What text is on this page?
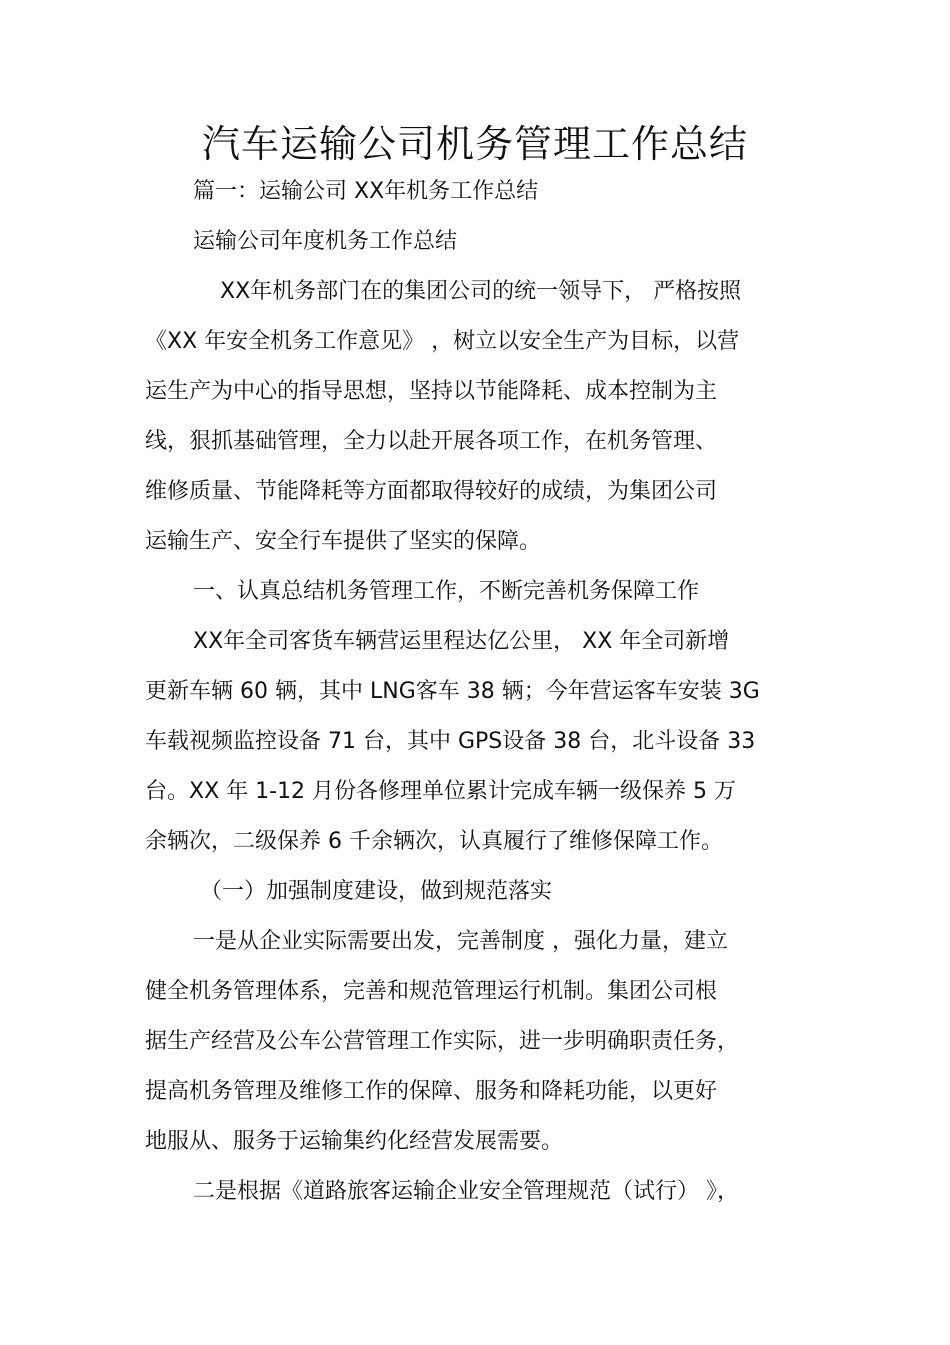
汽车运输公司机务管理工作总结
篇一：运输公司 XX年机务工作总结
运输公司年度机务工作总结
XX年机务部门在的集团公司的统一领导下， 严格按照
《XX 年安全机务工作意见》 ，树立以安全生产为目标，以营
运生产为中心的指导思想，坚持以节能降耗、成本控制为主
线，狠抓基础管理，全力以赴开展各项工作，在机务管理、
维修质量、节能降耗等方面都取得较好的成绩，为集团公司
运输生产、安全行车提供了坚实的保障。
一、认真总结机务管理工作，不断完善机务保障工作
XX年全司客货车辆营运里程达亿公里， XX 年全司新增
更新车辆 60 辆，其中 LNG客车 38 辆；今年营运客车安装 3G
车载视频监控设备 71 台，其中 GPS设备 38 台，北斗设备 33
台。XX 年 1-12 月份各修理单位累计完成车辆一级保养 5 万
余辆次，二级保养 6 千余辆次，认真履行了维修保障工作。
（一）加强制度建设，做到规范落实
一是从企业实际需要出发，完善制度 ，强化力量，建立
健全机务管理体系，完善和规范管理运行机制。集团公司根
据生产经营及公车公营管理工作实际，进一步明确职责任务，
提高机务管理及维修工作的保障、服务和降耗功能，以更好
地服从、服务于运输集约化经营发展需要。
二是根据《道路旅客运输企业安全管理规范（试行） 》，
